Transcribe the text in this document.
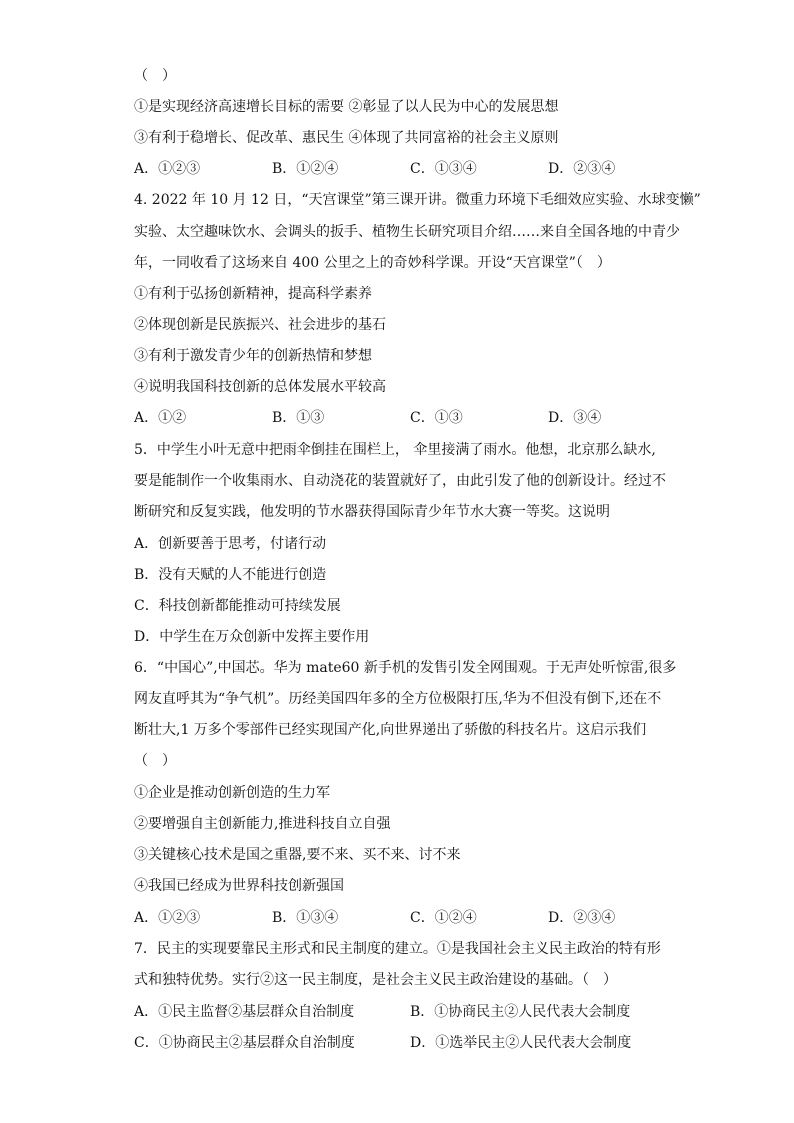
（　）
①是实现经济高速增长目标的需要 ②彰显了以人民为中心的发展思想
③有利于稳增长、促改革、惠民生 ④体现了共同富裕的社会主义原则
A．①②③	B．①②④	C．①③④	D．②③④
4. 2022 年 10 月 12 日，“天宫课堂”第三课开讲。微重力环境下毛细效应实验、水球变懒”
实验、太空趣味饮水、会调头的扳手、植物生长研究项目介绍……来自全国各地的中青少
年，一同收看了这场来自 400 公里之上的奇妙科学课。开设“天宫课堂”（　）
①有利于弘扬创新精神，提高科学素养
②体现创新是民族振兴、社会进步的基石
③有利于激发青少年的创新热情和梦想
④说明我国科技创新的总体发展水平较高
A．①②	B．①③	C．①③	D．③④
5．中学生小叶无意中把雨伞倒挂在围栏上， 伞里接满了雨水。他想，北京那么缺水,
要是能制作一个收集雨水、自动浇花的装置就好了，由此引发了他的创新设计。经过不
断研究和反复实践，他发明的节水器获得国际青少年节水大赛一等奖。这说明
A．创新要善于思考，付诸行动
B．没有天赋的人不能进行创造
C．科技创新都能推动可持续发展
D．中学生在万众创新中发挥主要作用
6．“中国心”,中国芯。华为 mate60 新手机的发售引发全网围观。于无声处听惊雷,很多
网友直呼其为“争气机”。历经美国四年多的全方位极限打压,华为不但没有倒下,还在不
断壮大,1 万多个零部件已经实现国产化,向世界递出了骄傲的科技名片。这启示我们
（　）
①企业是推动创新创造的生力军
②要增强自主创新能力,推进科技自立自强
③关键核心技术是国之重器,要不来、买不来、讨不来
④我国已经成为世界科技创新强国
A．①②③	B．①③④	C．①②④	D．②③④
7．民主的实现要靠民主形式和民主制度的建立。①是我国社会主义民主政治的特有形
式和独特优势。实行②这一民主制度，是社会主义民主政治建设的基础。（　）
A．①民主监督②基层群众自治制度	B．①协商民主②人民代表大会制度
C．①协商民主②基层群众自治制度	D．①选举民主②人民代表大会制度
